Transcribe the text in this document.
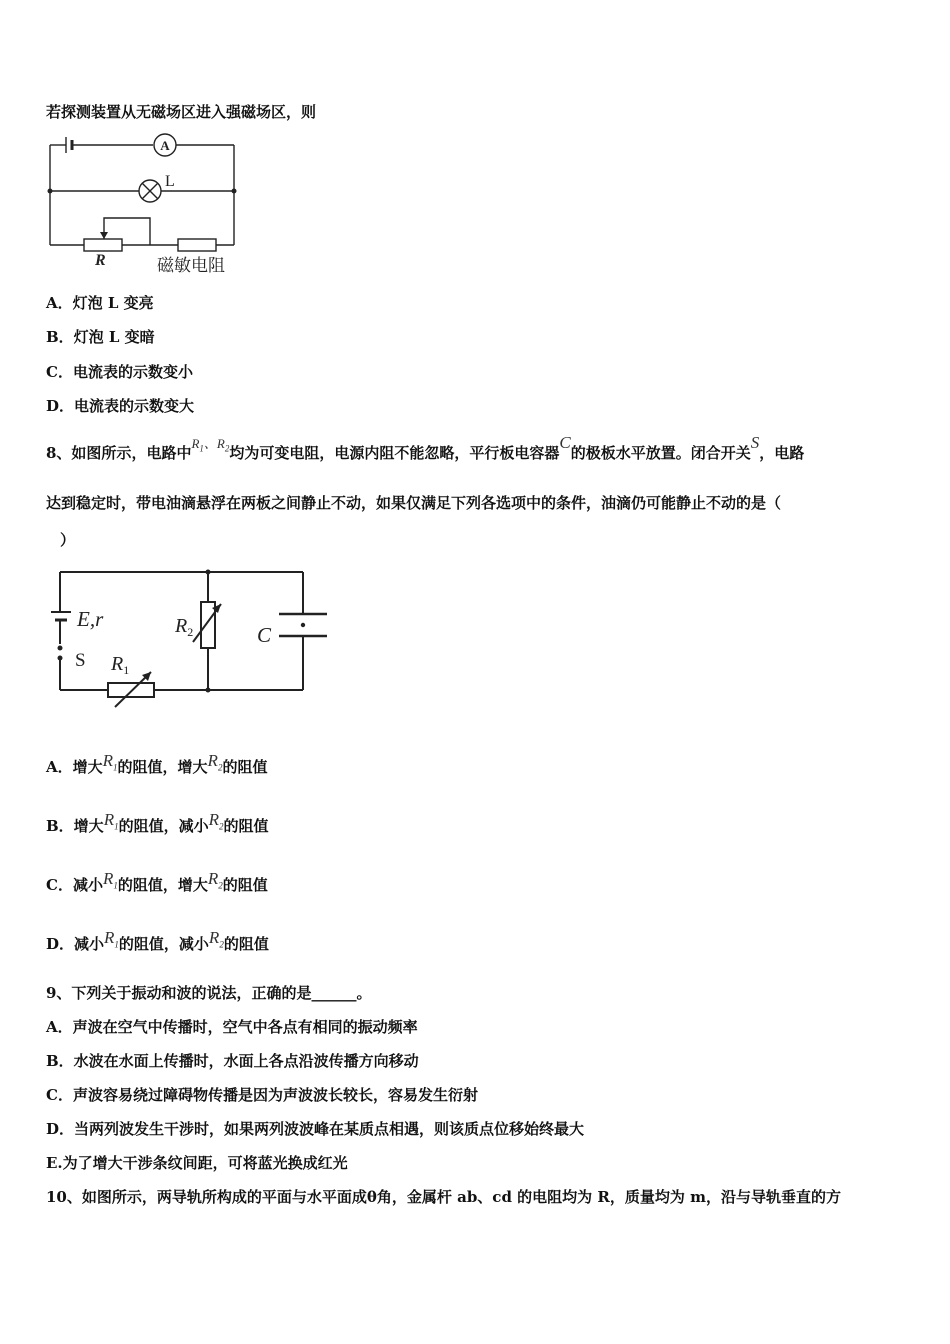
若探测装置从无磁场区进入强磁场区，则
A
L
R	磁敏电阻
A．灯泡 L 变亮
B．灯泡 L 变暗
C．电流表的示数变小
D．电流表的示数变大
8、如图所示，电路中$R_1$、$R_2$均为可变电阻，电源内阻不能忽略，平行板电容器C的极板水平放置。闭合开关S，电路
达到稳定时，带电油滴悬浮在两板之间静止不动，如果仅满足下列各选项中的条件，油滴仍可能静止不动的是（
）
E,r
S $R_1$
$R_2$	C
A．增大$R_1$的阻值，增大$R_2$的阻值
B．增大$R_1$的阻值，减小$R_2$的阻值
C．减小$R_1$的阻值，增大$R_2$的阻值
D．减小$R_1$的阻值，减小$R_2$的阻值
9、下列关于振动和波的说法，正确的是______。
A．声波在空气中传播时，空气中各点有相同的振动频率
B．水波在水面上传播时，水面上各点沿波传播方向移动
C．声波容易绕过障碍物传播是因为声波波长较长，容易发生衍射
D．当两列波发生干涉时，如果两列波波峰在某质点相遇，则该质点位移始终最大
E.为了增大干涉条纹间距，可将蓝光换成红光
10、如图所示，两导轨所构成的平面与水平面成θ角，金属杆 ab、cd 的电阻均为 R，质量均为 m，沿与导轨垂直的方
